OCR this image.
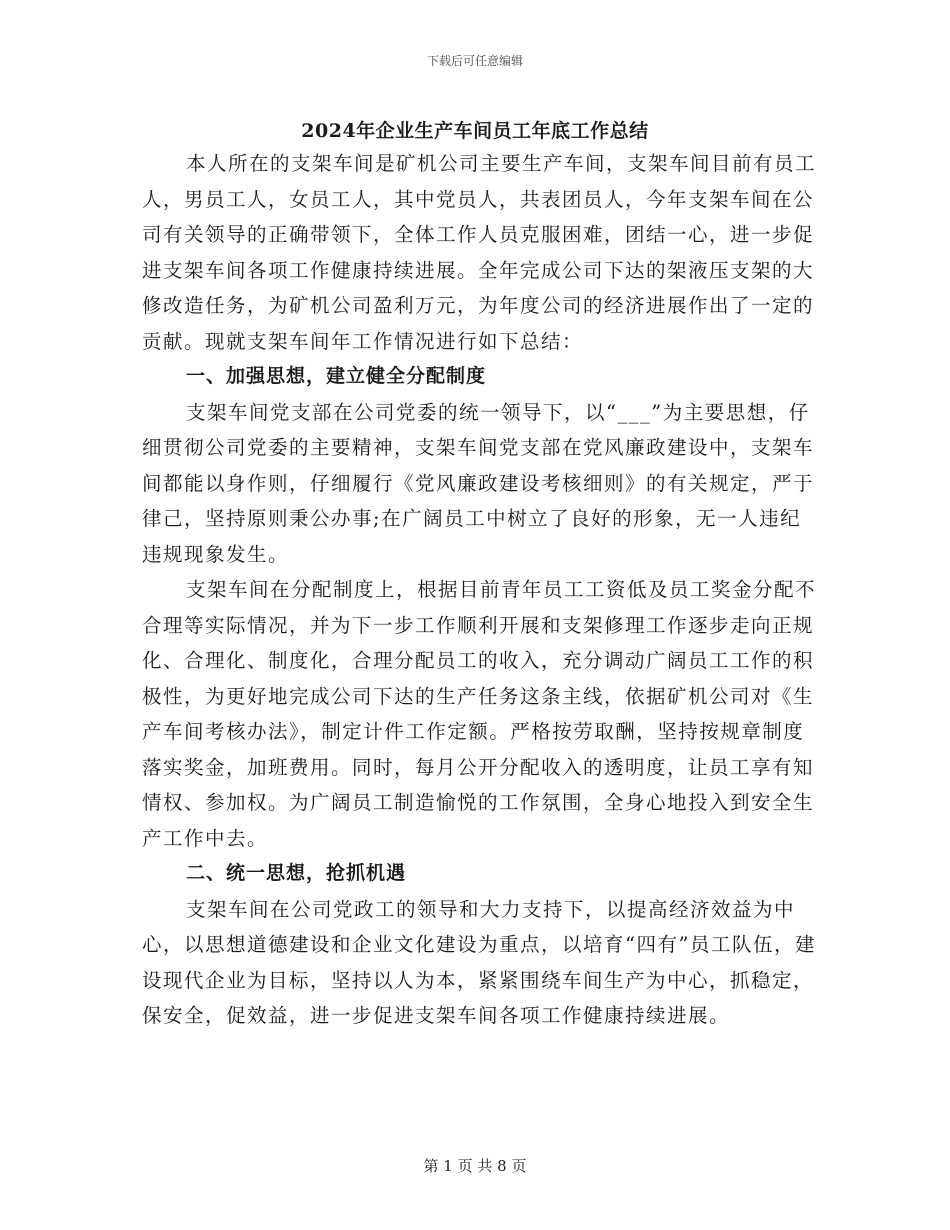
下载后可任意编辑
2024年企业生产车间员工年底工作总结

本人所在的支架车间是矿机公司主要生产车间，支架车间目前有员工人，男员工人，女员工人，其中党员人，共表团员人，今年支架车间在公司有关领导的正确带领下，全体工作人员克服困难，团结一心，进一步促进支架车间各项工作健康持续进展。全年完成公司下达的架液压支架的大修改造任务，为矿机公司盈利万元，为年度公司的经济进展作出了一定的贡献。现就支架车间年工作情况进行如下总结：

一、加强思想，建立健全分配制度

支架车间党支部在公司党委的统一领导下，以“___”为主要思想，仔细贯彻公司党委的主要精神，支架车间党支部在党风廉政建设中，支架车间都能以身作则，仔细履行《党风廉政建设考核细则》的有关规定，严于律己，坚持原则秉公办事;在广阔员工中树立了良好的形象，无一人违纪违规现象发生。

支架车间在分配制度上，根据目前青年员工工资低及员工奖金分配不合理等实际情况，并为下一步工作顺利开展和支架修理工作逐步走向正规化、合理化、制度化，合理分配员工的收入，充分调动广阔员工工作的积极性，为更好地完成公司下达的生产任务这条主线，依据矿机公司对《生产车间考核办法》，制定计件工作定额。严格按劳取酬，坚持按规章制度落实奖金，加班费用。同时，每月公开分配收入的透明度，让员工享有知情权、参加权。为广阔员工制造愉悦的工作氛围，全身心地投入到安全生产工作中去。

二、统一思想，抢抓机遇

支架车间在公司党政工的领导和大力支持下，以提高经济效益为中心，以思想道德建设和企业文化建设为重点，以培育“四有”员工队伍，建设现代企业为目标，坚持以人为本，紧紧围绕车间生产为中心，抓稳定，保安全，促效益，进一步促进支架车间各项工作健康持续进展。

第 1 页 共 8 页
